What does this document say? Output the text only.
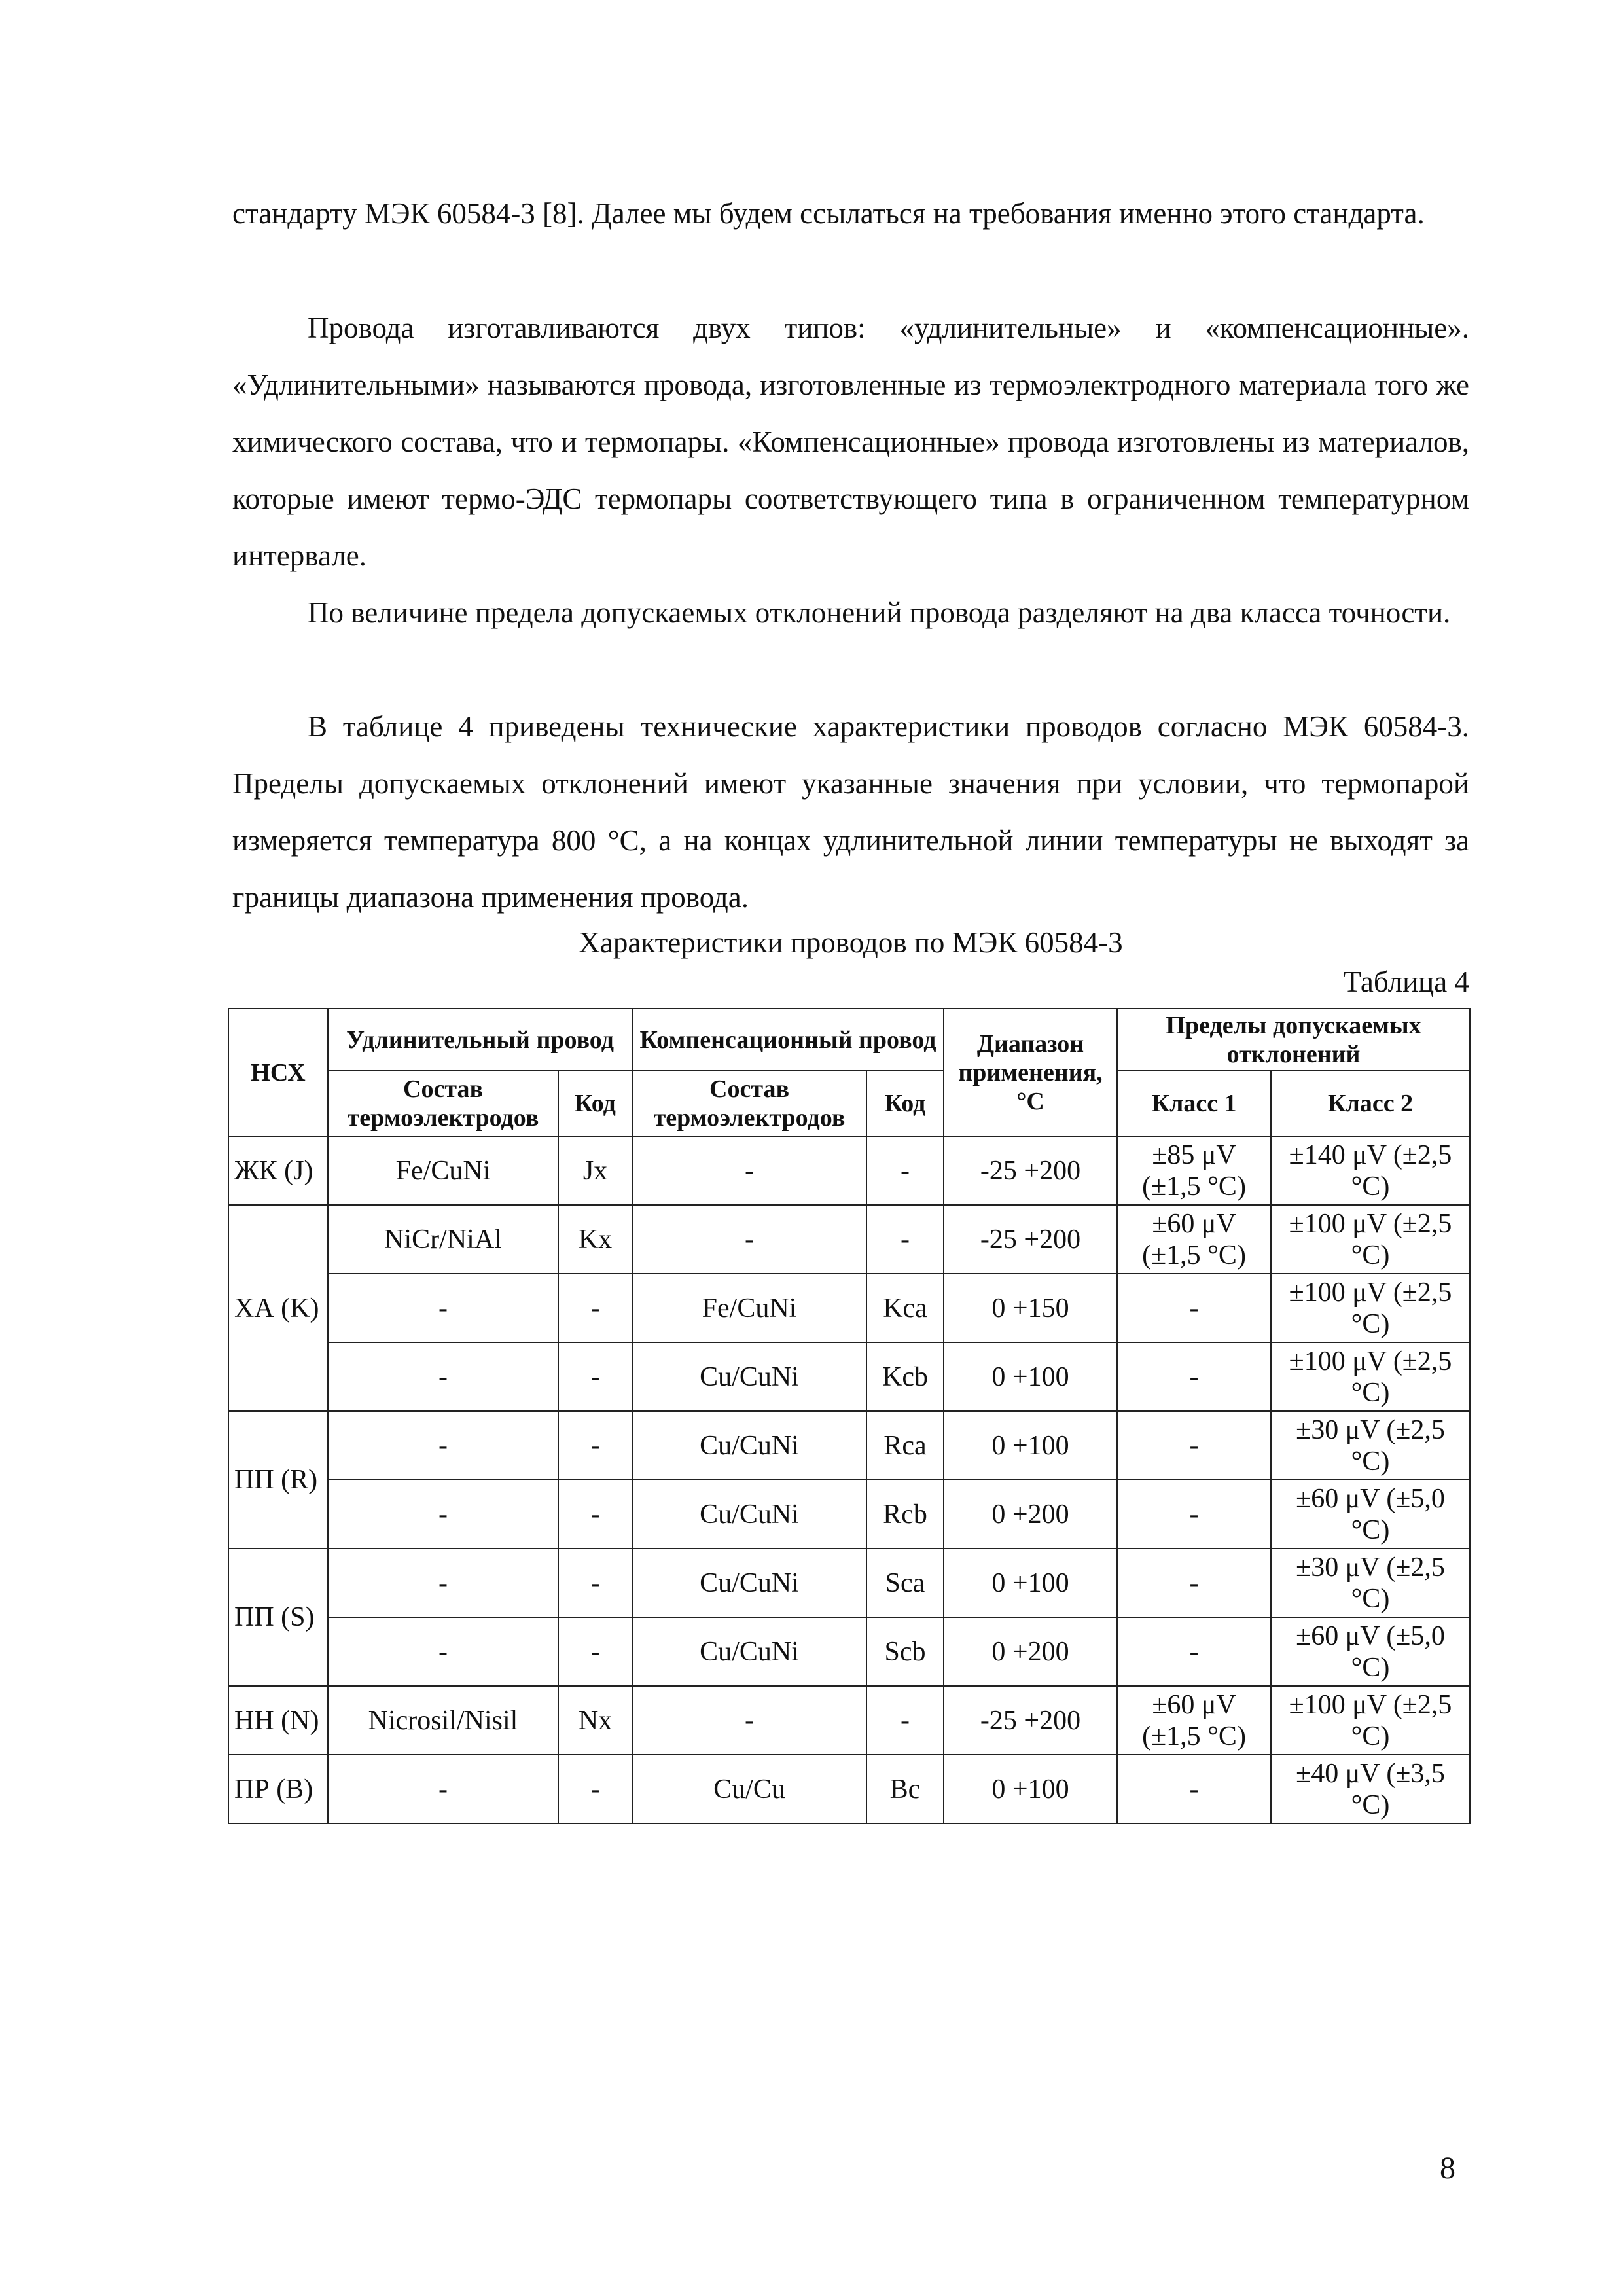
стандарту МЭК 60584-3 [8]. Далее мы будем ссылаться на требования именно этого стандарта.

Провода изготавливаются двух типов: «удлинительные» и «компенсационные». «Удлинительными» называются провода, изготовленные из термоэлектродного материала того же химического состава, что и термопары. «Компенсационные» провода изготовлены из материалов, которые имеют термо-ЭДС термопары соответствующего типа в ограниченном температурном интервале.

По величине предела допускаемых отклонений провода разделяют на два класса точности.

В таблице 4 приведены технические характеристики проводов согласно МЭК 60584-3. Пределы допускаемых отклонений имеют указанные значения при условии, что термопарой измеряется температура 800 °C, а на концах удлинительной линии температуры не выходят за границы диапазона применения провода.

Характеристики проводов по МЭК 60584-3
Таблица 4
НСХ	Удлинительный провод		Компенсационный провод		Диапазон применения, °C	Пределы допускаемых отклонений	
	Состав термоэлектродов	Код	Состав термоэлектродов	Код		Класс 1	Класс 2
ЖК (J)	Fe/CuNi	Jx	-	-	-25 +200	±85 μV (±1,5 °C)	±140 μV (±2,5 °C)
ХА (K)	NiCr/NiAl	Kx	-	-	-25 +200	±60 μV (±1,5 °C)	±100 μV (±2,5 °C)
	-	-	Fe/CuNi	Kca	0 +150	-	±100 μV (±2,5 °C)
	-	-	Cu/CuNi	Kcb	0 +100	-	±100 μV (±2,5 °C)
ПП (R)	-	-	Cu/CuNi	Rca	0 +100	-	±30 μV (±2,5 °C)
	-	-	Cu/CuNi	Rcb	0 +200	-	±60 μV (±5,0 °C)
ПП (S)	-	-	Cu/CuNi	Sca	0 +100	-	±30 μV (±2,5 °C)
	-	-	Cu/CuNi	Scb	0 +200	-	±60 μV (±5,0 °C)
НН (N)	Nicrosil/Nisil	Nx	-	-	-25 +200	±60 μV (±1,5 °C)	±100 μV (±2,5 °C)
ПР (B)	-	-	Cu/Cu	Bc	0 +100	-	±40 μV (±3,5 °C)
8
